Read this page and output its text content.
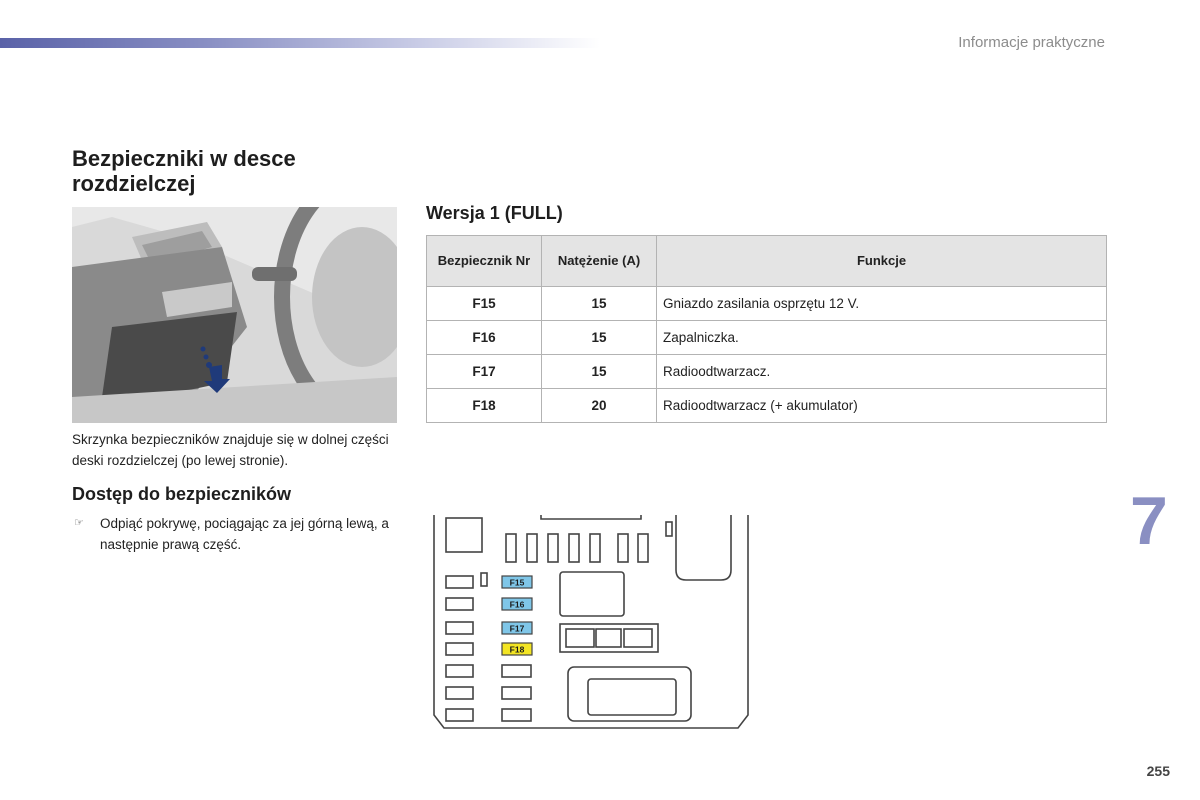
Informacje praktyczne
7
255
Bezpieczniki w desce
rozdzielczej
Skrzynka bezpieczników znajduje się w dolnej części deski rozdzielczej (po lewej stronie).
Dostęp do bezpieczników
☞	Odpiąć pokrywę, pociągając za jej górną lewą, a następnie prawą część.
Wersja 1 (FULL)
Bezpiecznik Nr	Natężenie (A)	Funkcje
F15	15	Gniazdo zasilania osprzętu 12 V.
F16	15	Zapalniczka.
F17	15	Radioodtwarzacz.
F18	20	Radioodtwarzacz (+ akumulator)
F15
F16
F17
F18
